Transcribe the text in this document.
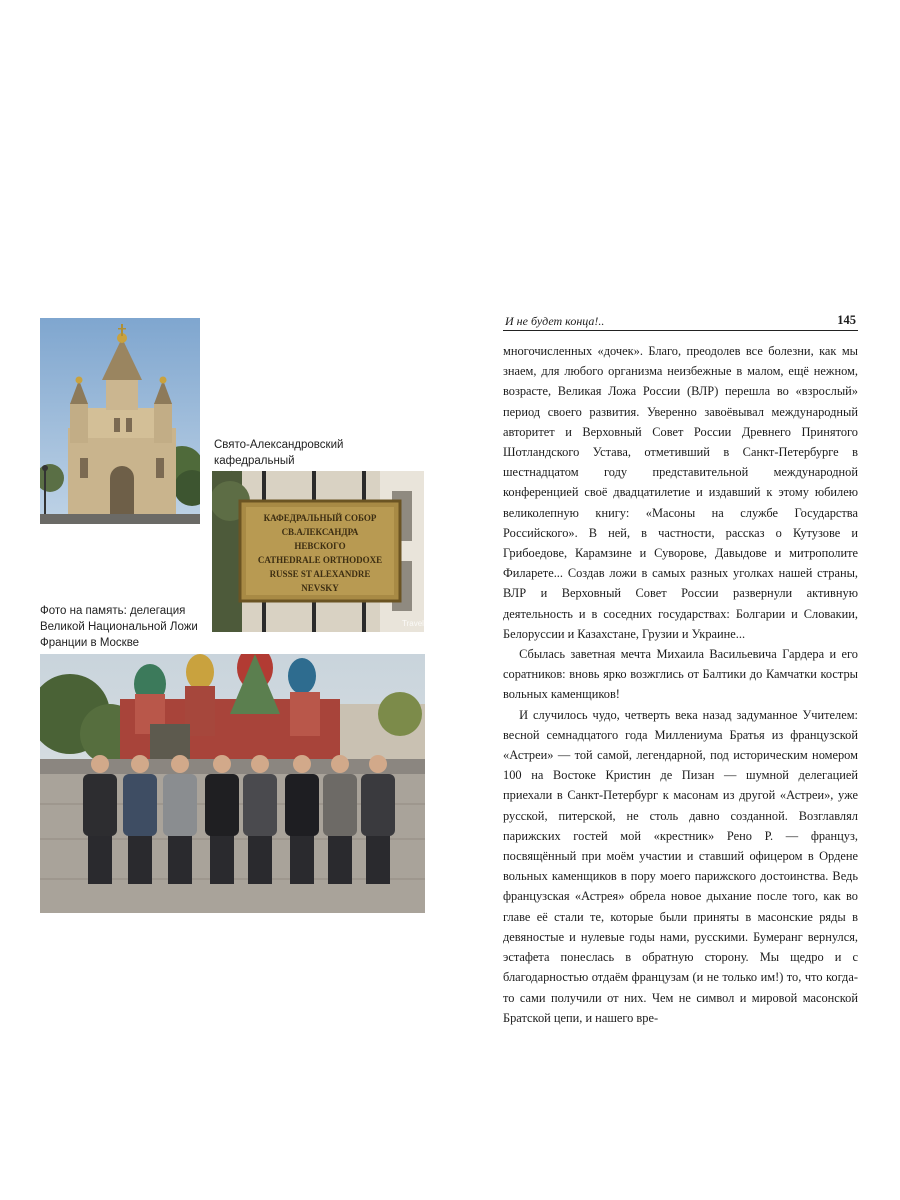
Свято-Александровский кафедральный

КАФЕДРАЛЬНЫЙ СОБОР
СВ.АЛЕКСАНДРА
НЕВСКОГО
CATHEDRALE ORTHODOXE
RUSSE ST ALEXANDRE
NEVSKY
Travel

Фото на память: делегация
Великой Национальной Ложи
Франции в Москве

И не будет конца!..	145

многочисленных «дочек». Благо, преодолев все болезни, как мы знаем, для любого организма неизбежные в малом, ещё нежном, возрасте, Великая Ложа России (ВЛР) перешла во «взрослый» период своего развития. Уверенно завоёвывал международный авторитет и Верховный Совет России Древнего Принятого Шотландского Устава, отметивший в Санкт-Петербурге в шестнадцатом году представительной международной конференцией своё двадцатилетие и издавший к этому юбилею великолепную книгу: «Масоны на службе Государства Российского». В ней, в частности, рассказ о Кутузове и Грибоедове, Карамзине и Суворове, Давыдове и митрополите Филарете... Создав ложи в самых разных уголках нашей страны, ВЛР и Верховный Совет России развернули активную деятельность и в соседних государствах: Болгарии и Словакии, Белоруссии и Казахстане, Грузии и Украине...

Сбылась заветная мечта Михаила Васильевича Гардера и его соратников: вновь ярко возжглись от Балтики до Камчатки костры вольных каменщиков!

И случилось чудо, четверть века назад задуманное Учителем: весной семнадцатого года Миллениума Братья из французской «Астреи» — той самой, легендарной, под историческим номером 100 на Востоке Кристин де Пизан — шумной делегацией приехали в Санкт-Петербург к масонам из другой «Астреи», уже русской, питерской, не столь давно созданной. Возглавлял парижских гостей мой «крестник» Рено Р. — француз, посвящённый при моём участии и ставший офицером в Ордене вольных каменщиков в пору моего парижского достоинства. Ведь французская «Астрея» обрела новое дыхание после того, как во главе её стали те, которые были приняты в масонские ряды в девяностые и нулевые годы нами, русскими. Бумеранг вернулся, эстафета понеслась в обратную сторону. Мы щедро и с благодарностью отдаём французам (и не только им!) то, что когда-то сами получили от них. Чем не символ и мировой масонской Братской цепи, и нашего вре-
